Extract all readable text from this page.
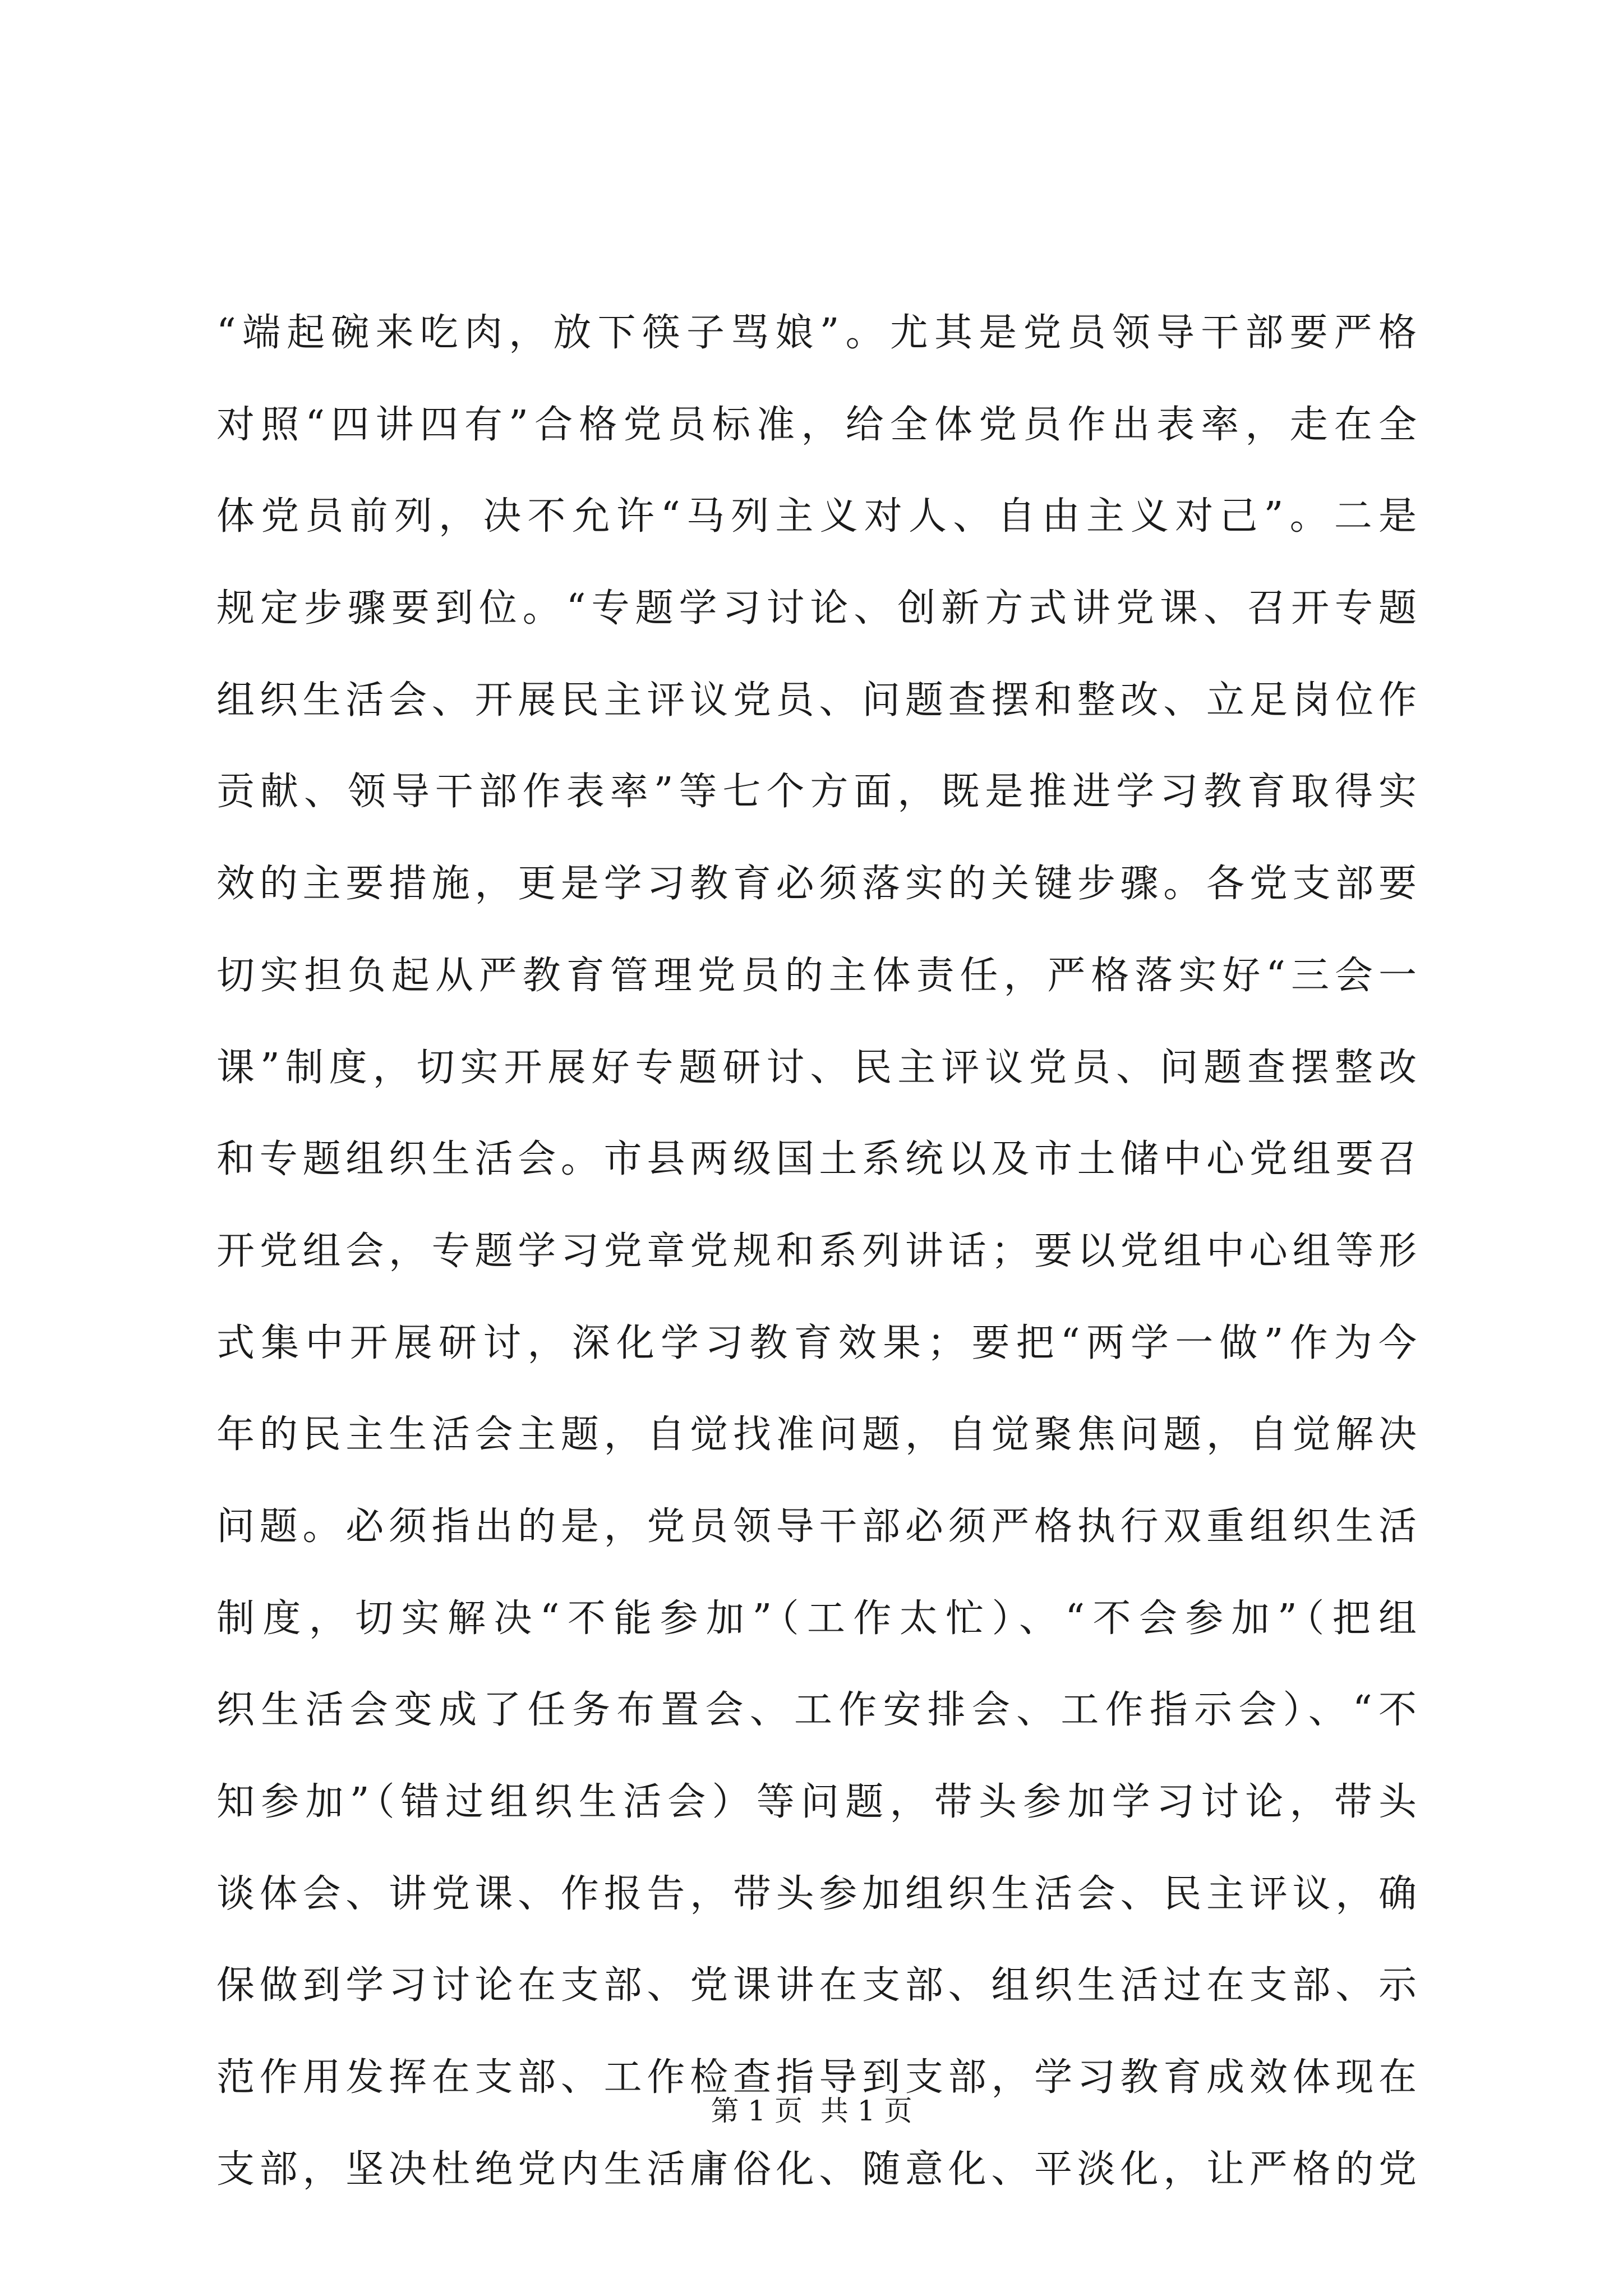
“端起碗来吃肉，放下筷子骂娘”。尤其是党员领导干部要严格
对照“四讲四有”合格党员标准，给全体党员作出表率，走在全
体党员前列，决不允许“马列主义对人、自由主义对己”。二是
规定步骤要到位。“专题学习讨论、创新方式讲党课、召开专题
组织生活会、开展民主评议党员、问题查摆和整改、立足岗位作
贡献、领导干部作表率”等七个方面，既是推进学习教育取得实
效的主要措施，更是学习教育必须落实的关键步骤。各党支部要
切实担负起从严教育管理党员的主体责任，严格落实好“三会一
课”制度，切实开展好专题研讨、民主评议党员、问题查摆整改
和专题组织生活会。市县两级国土系统以及市土储中心党组要召
开党组会，专题学习党章党规和系列讲话；要以党组中心组等形
式集中开展研讨，深化学习教育效果；要把“两学一做”作为今
年的民主生活会主题，自觉找准问题，自觉聚焦问题，自觉解决
问题。必须指出的是，党员领导干部必须严格执行双重组织生活
制度，切实解决“不能参加”（工作太忙）、“不会参加”（把组
织生活会变成了任务布置会、工作安排会、工作指示会）、“不
知参加”（错过组织生活会）等问题，带头参加学习讨论，带头
谈体会、讲党课、作报告，带头参加组织生活会、民主评议，确
保做到学习讨论在支部、党课讲在支部、组织生活过在支部、示
范作用发挥在支部、工作检查指导到支部，学习教育成效体现在
支部，坚决杜绝党内生活庸俗化、随意化、平淡化，让严格的党
第 1 页  共 1 页
